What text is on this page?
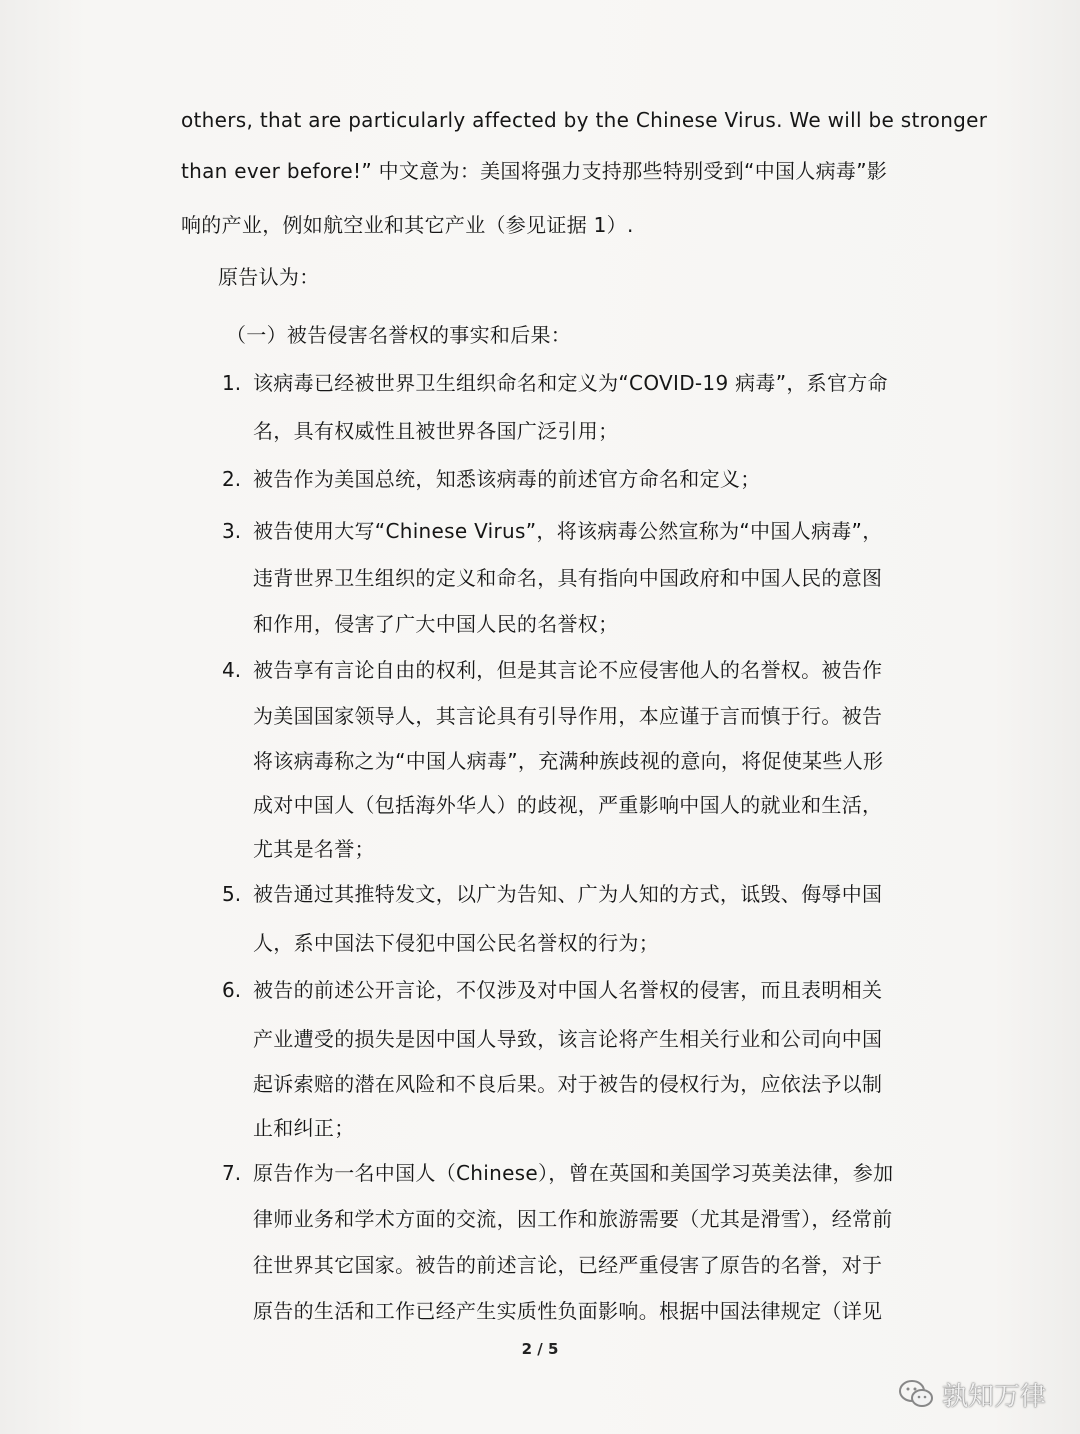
others, that are particularly affected by the Chinese Virus. We will be stronger
than ever before!” 中文意为：美国将强力支持那些特别受到“中国人病毒”影
响的产业，例如航空业和其它产业（参见证据 1）.
原告认为：
（一）被告侵害名誉权的事实和后果：
1. 该病毒已经被世界卫生组织命名和定义为“COVID-19 病毒”，系官方命
名，具有权威性且被世界各国广泛引用；
2. 被告作为美国总统，知悉该病毒的前述官方命名和定义；
3. 被告使用大写“Chinese Virus”，将该病毒公然宣称为“中国人病毒”，
违背世界卫生组织的定义和命名，具有指向中国政府和中国人民的意图
和作用，侵害了广大中国人民的名誉权；
4. 被告享有言论自由的权利，但是其言论不应侵害他人的名誉权。被告作
为美国国家领导人，其言论具有引导作用，本应谨于言而慎于行。被告
将该病毒称之为“中国人病毒”，充满种族歧视的意向，将促使某些人形
成对中国人（包括海外华人）的歧视，严重影响中国人的就业和生活，
尤其是名誉；
5. 被告通过其推特发文，以广为告知、广为人知的方式，诋毁、侮辱中国
人，系中国法下侵犯中国公民名誉权的行为；
6. 被告的前述公开言论，不仅涉及对中国人名誉权的侵害，而且表明相关
产业遭受的损失是因中国人导致，该言论将产生相关行业和公司向中国
起诉索赔的潜在风险和不良后果。对于被告的侵权行为，应依法予以制
止和纠正；
7. 原告作为一名中国人（Chinese），曾在英国和美国学习英美法律，参加
律师业务和学术方面的交流，因工作和旅游需要（尤其是滑雪），经常前
往世界其它国家。被告的前述言论，已经严重侵害了原告的名誉，对于
原告的生活和工作已经产生实质性负面影响。根据中国法律规定（详见
2 / 5
孰知万律
